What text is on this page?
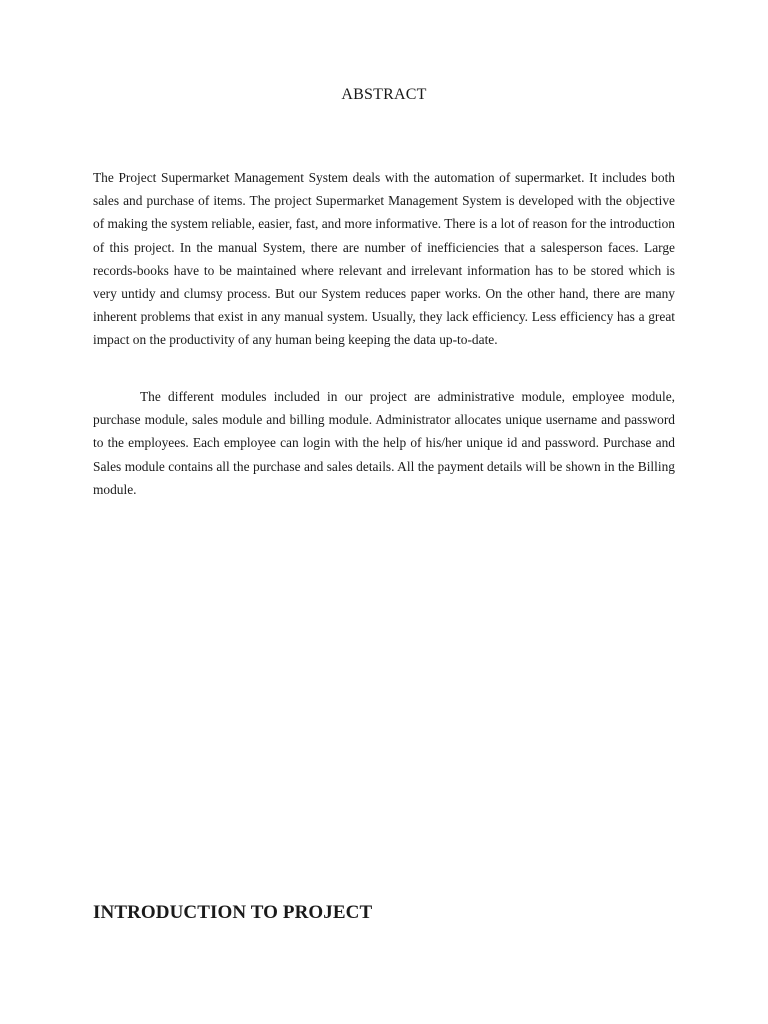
ABSTRACT

The Project Supermarket Management System deals with the automation of supermarket. It includes both sales and purchase of items. The project Supermarket Management System is developed with the objective of making the system reliable, easier, fast, and more informative. There is a lot of reason for the introduction of this project. In the manual System, there are number of inefficiencies that a salesperson faces. Large records-books have to be maintained where relevant and irrelevant information has to be stored which is very untidy and clumsy process. But our System reduces paper works. On the other hand, there are many inherent problems that exist in any manual system. Usually, they lack efficiency. Less efficiency has a great impact on the productivity of any human being keeping the data up-to-date.

The different modules included in our project are administrative module, employee module, purchase module, sales module and billing module. Administrator allocates unique username and password to the employees. Each employee can login with the help of his/her unique id and password. Purchase and Sales module contains all the purchase and sales details. All the payment details will be shown in the Billing module.

INTRODUCTION TO PROJECT
